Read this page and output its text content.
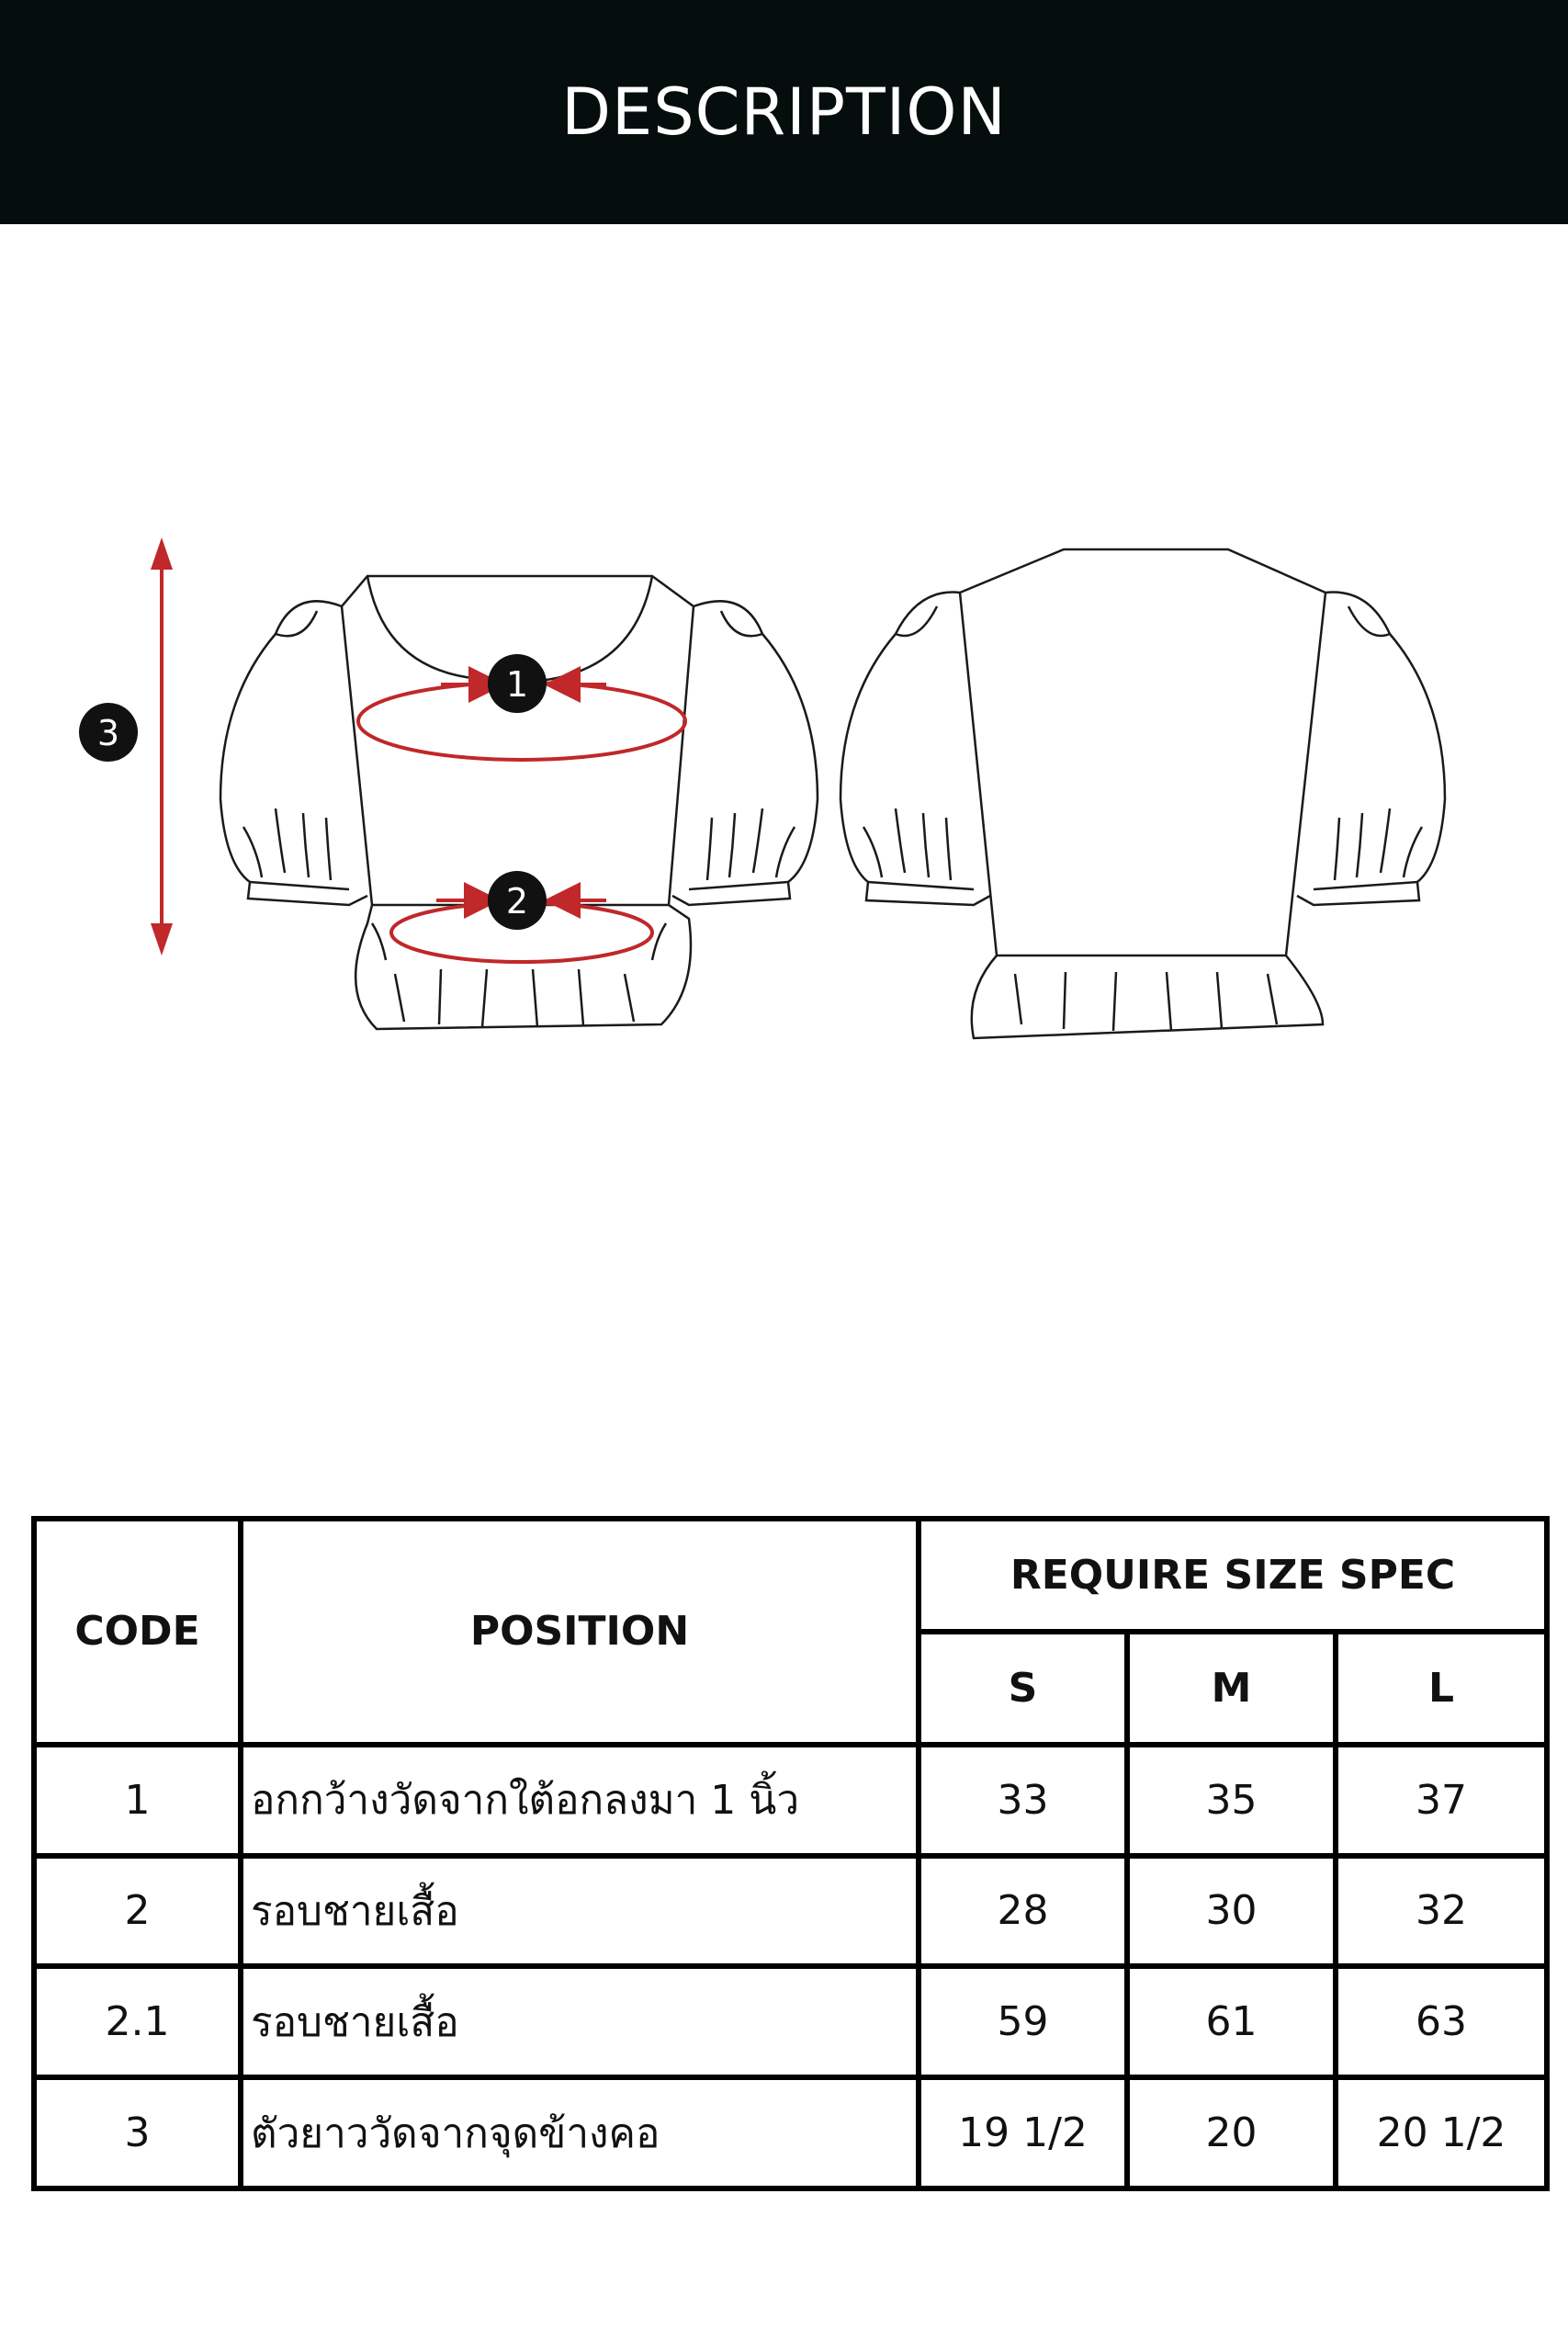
DESCRIPTION
1
2
3
CODE	POSITION	REQUIRE SIZE SPEC		
		S	M	L
1	อกกว้างวัดจากใต้อกลงมา 1 นิ้ว	33	35	37
2	รอบชายเสื้อ	28	30	32
2.1	รอบชายเสื้อ	59	61	63
3	ตัวยาววัดจากจุดข้างคอ	19 1/2	20	20 1/2
